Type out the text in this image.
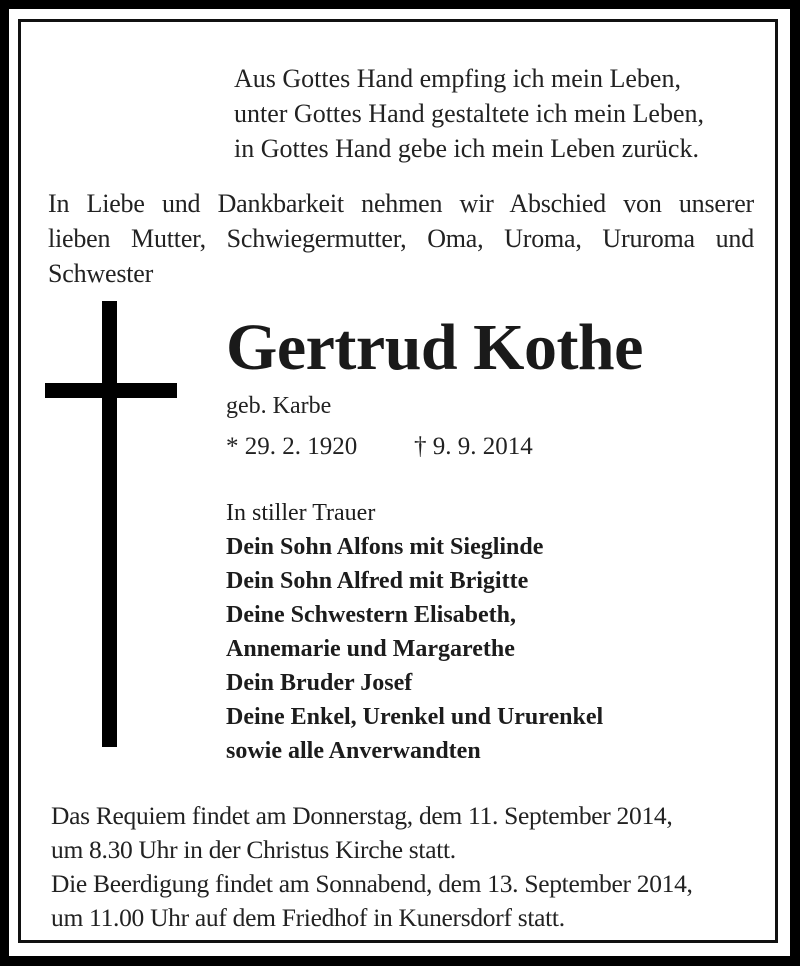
Aus Gottes Hand empfing ich mein Leben,
unter Gottes Hand gestaltete ich mein Leben,
in Gottes Hand gebe ich mein Leben zurück.
In Liebe und Dankbarkeit nehmen wir Abschied von unserer
lieben Mutter, Schwiegermutter, Oma, Uroma, Ururoma und
Schwester
Gertrud Kothe
geb. Karbe
* 29. 2. 1920 † 9. 9. 2014
In stiller Trauer
Dein Sohn Alfons mit Sieglinde
Dein Sohn Alfred mit Brigitte
Deine Schwestern Elisabeth,
Annemarie und Margarethe
Dein Bruder Josef
Deine Enkel, Urenkel und Ururenkel
sowie alle Anverwandten
Das Requiem findet am Donnerstag, dem 11. September 2014,
um 8.30 Uhr in der Christus Kirche statt.
Die Beerdigung findet am Sonnabend, dem 13. September 2014,
um 11.00 Uhr auf dem Friedhof in Kunersdorf statt.
